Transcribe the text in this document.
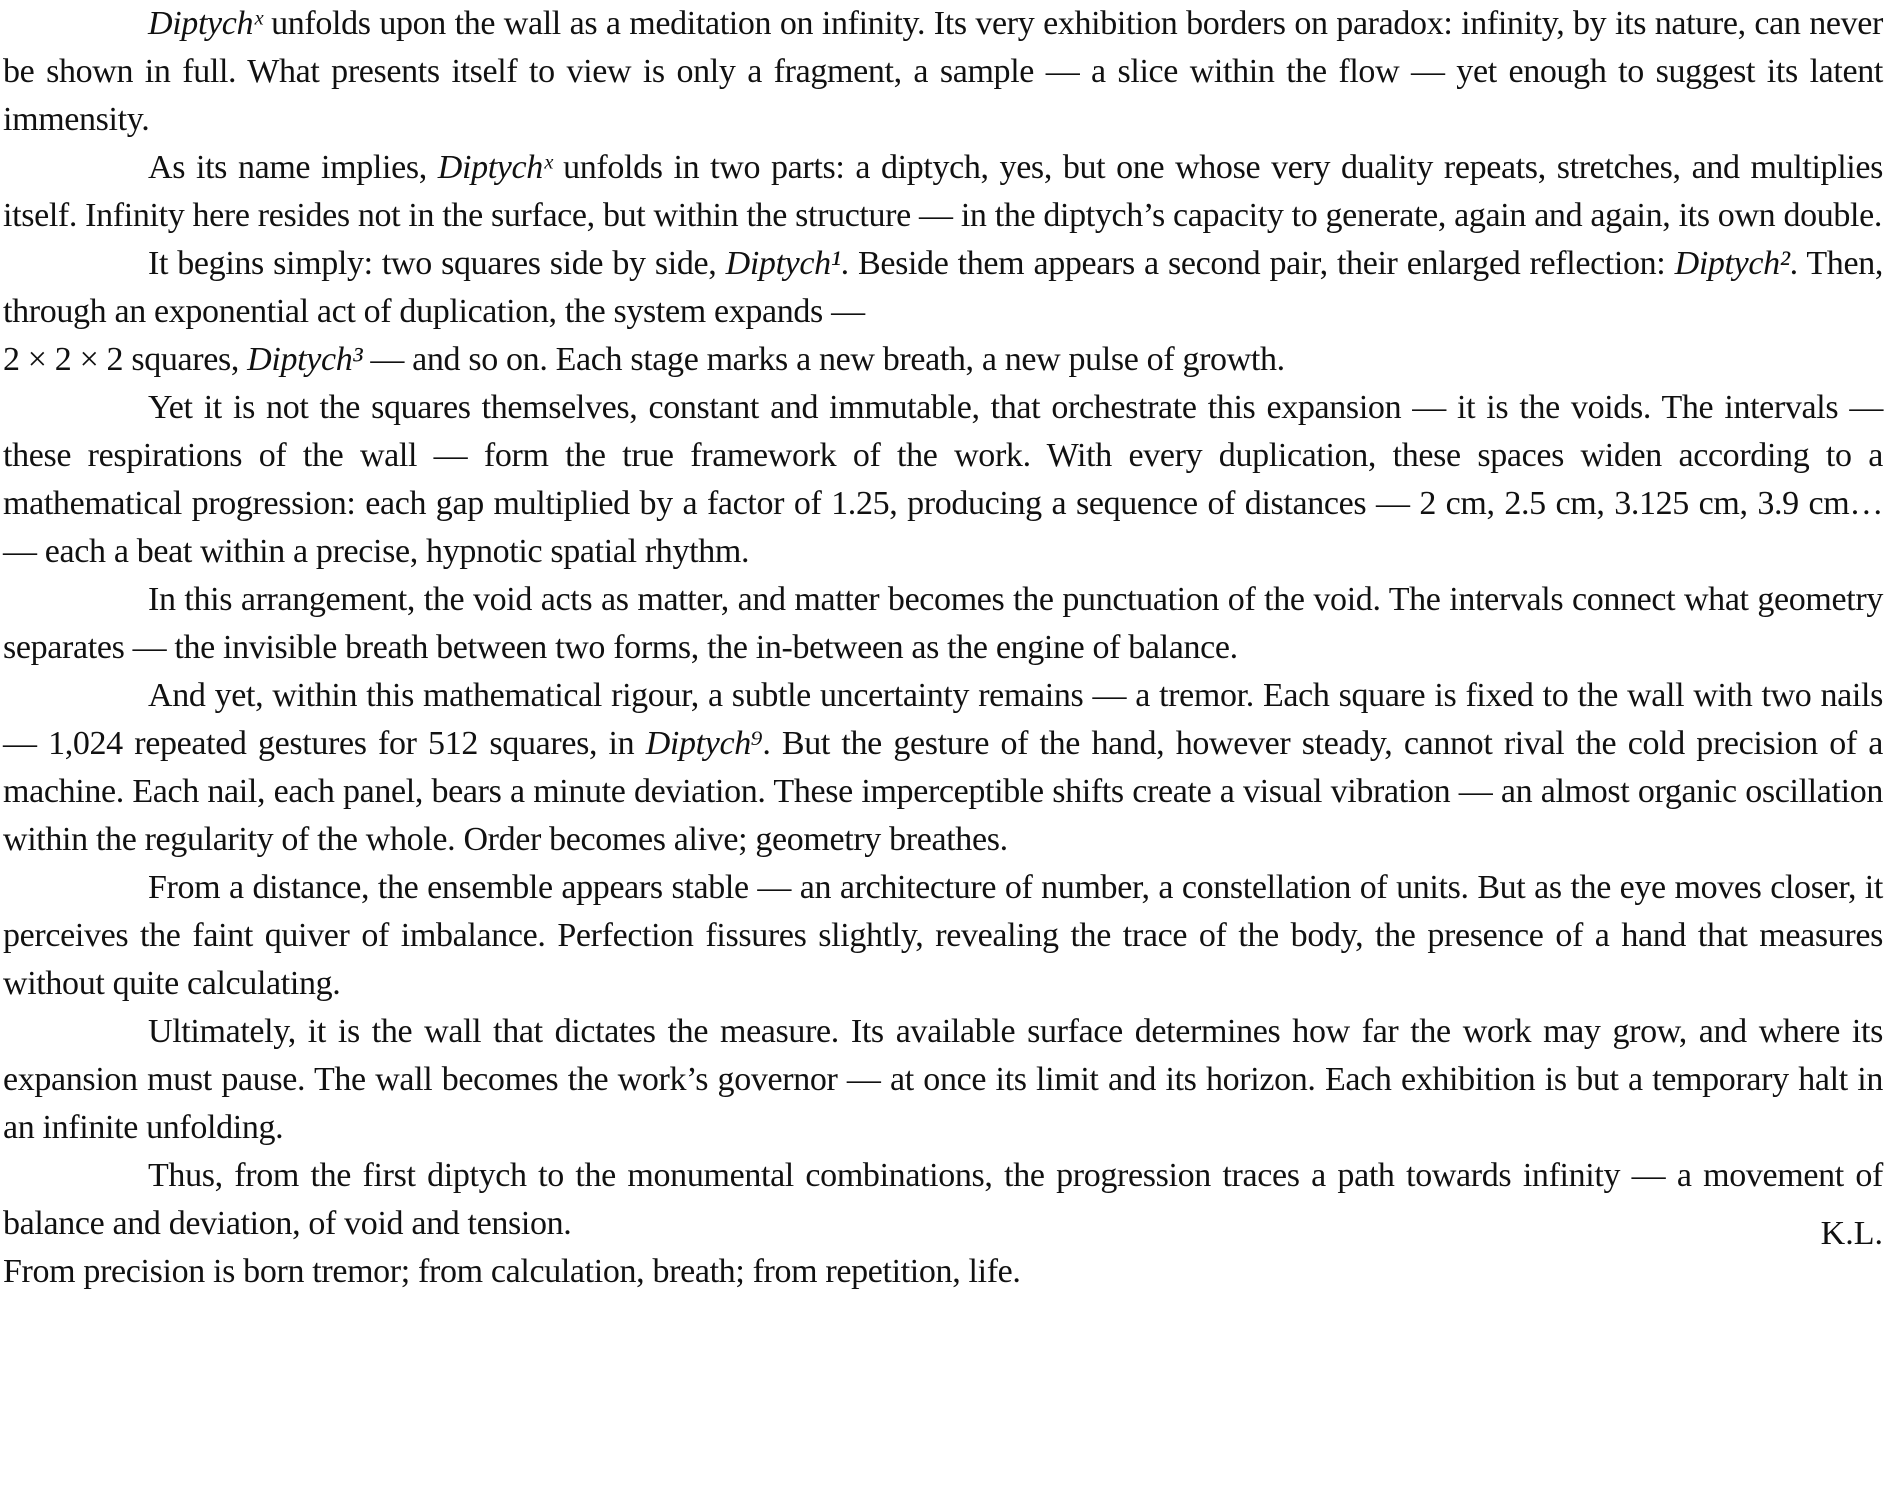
Diptychˣ unfolds upon the wall as a meditation on infinity. Its very exhibition borders on paradox: infinity, by its nature, can never be shown in full. What presents itself to view is only a fragment, a sample — a slice within the flow — yet enough to suggest its latent immensity.

As its name implies, Diptychˣ unfolds in two parts: a diptych, yes, but one whose very duality repeats, stretches, and multiplies itself. Infinity here resides not in the surface, but within the structure — in the diptych’s capacity to generate, again and again, its own double.

It begins simply: two squares side by side, Diptych¹. Beside them appears a second pair, their enlarged reflection: Diptych². Then, through an exponential act of duplication, the system expands —

2 × 2 × 2 squares, Diptych³ — and so on. Each stage marks a new breath, a new pulse of growth.

Yet it is not the squares themselves, constant and immutable, that orchestrate this expansion — it is the voids. The intervals — these respirations of the wall — form the true framework of the work. With every duplication, these spaces widen according to a mathematical progression: each gap multiplied by a factor of 1.25, producing a sequence of distances — 2 cm, 2.5 cm, 3.125 cm, 3.9 cm… — each a beat within a precise, hypnotic spatial rhythm.

In this arrangement, the void acts as matter, and matter becomes the punctuation of the void. The intervals connect what geometry separates — the invisible breath between two forms, the in-between as the engine of balance.

And yet, within this mathematical rigour, a subtle uncertainty remains — a tremor. Each square is fixed to the wall with two nails — 1,024 repeated gestures for 512 squares, in Diptych⁹. But the gesture of the hand, however steady, cannot rival the cold precision of a machine. Each nail, each panel, bears a minute deviation. These imperceptible shifts create a visual vibration — an almost organic oscillation within the regularity of the whole. Order becomes alive; geometry breathes.

From a distance, the ensemble appears stable — an architecture of number, a constellation of units. But as the eye moves closer, it perceives the faint quiver of imbalance. Perfection fissures slightly, revealing the trace of the body, the presence of a hand that measures without quite calculating.

Ultimately, it is the wall that dictates the measure. Its available surface determines how far the work may grow, and where its expansion must pause. The wall becomes the work’s governor — at once its limit and its horizon. Each exhibition is but a temporary halt in an infinite unfolding.

Thus, from the first diptych to the monumental combinations, the progression traces a path towards infinity — a movement of balance and deviation, of void and tension.

From precision is born tremor; from calculation, breath; from repetition, life.

K.L.
